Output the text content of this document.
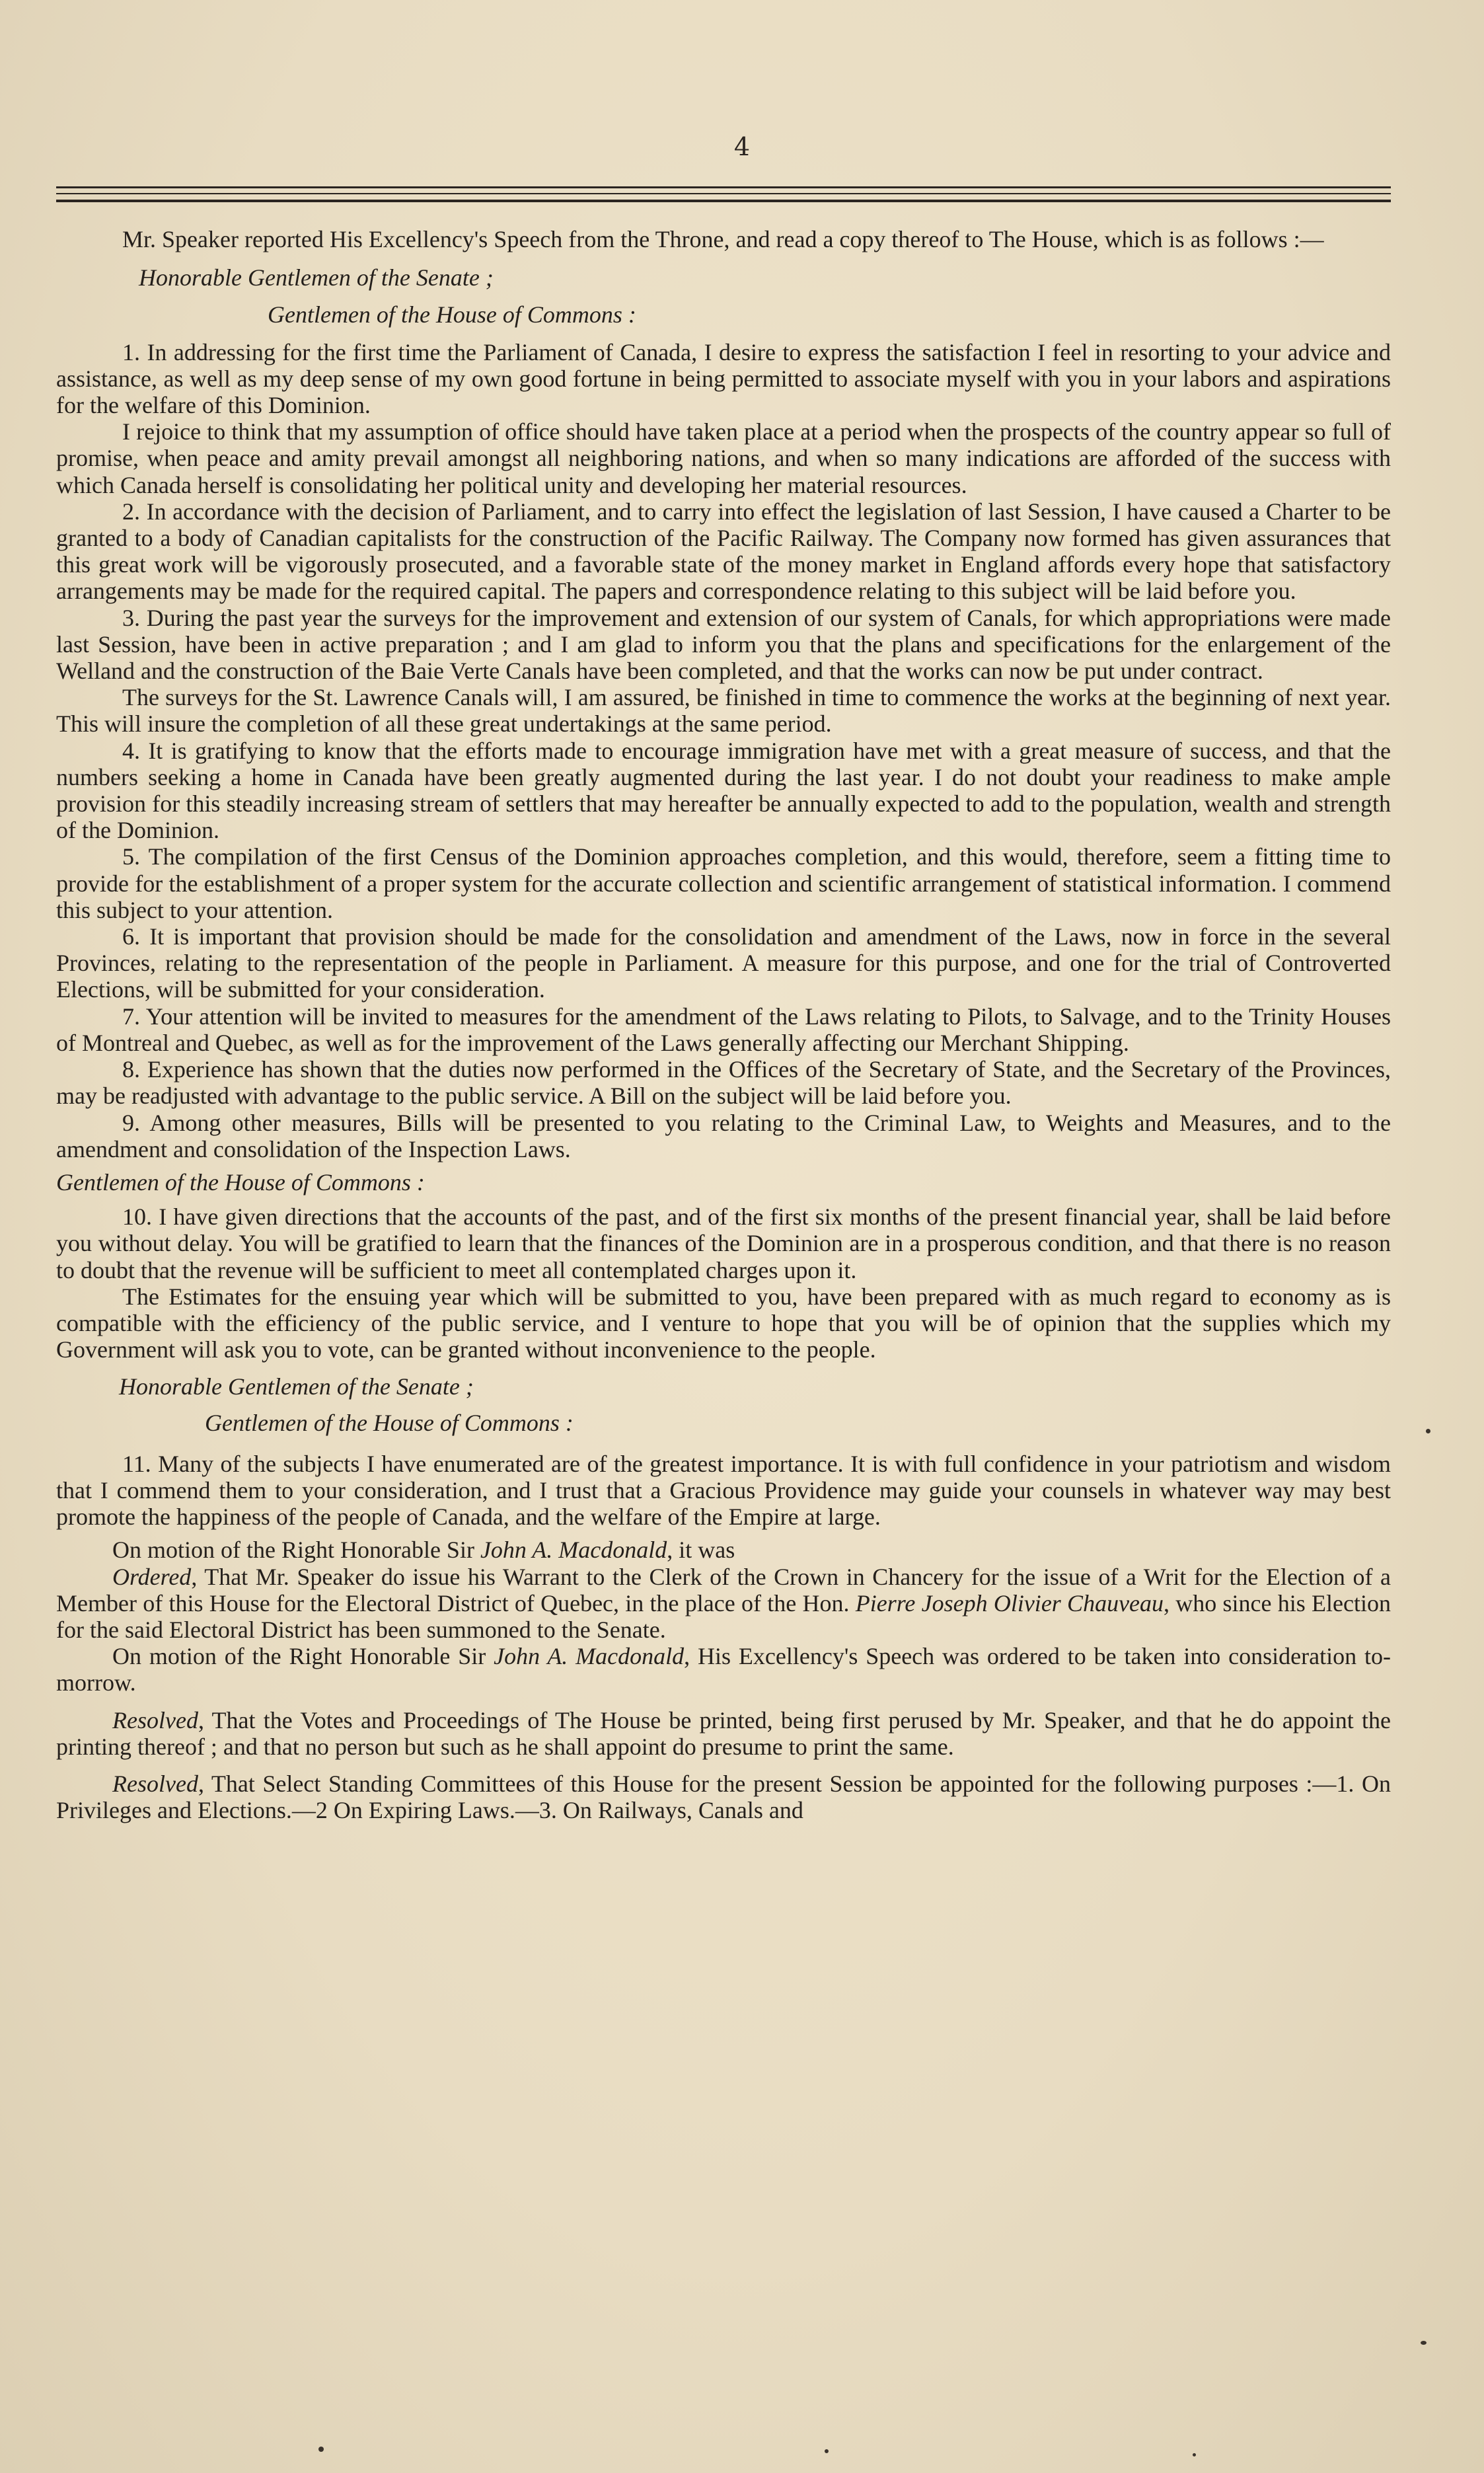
4

Mr. Speaker reported His Excellency's Speech from the Throne, and read a copy thereof to The House, which is as follows :—

Honorable Gentlemen of the Senate ;

Gentlemen of the House of Commons :

1. In addressing for the first time the Parliament of Canada, I desire to express the satisfaction I feel in resorting to your advice and assistance, as well as my deep sense of my own good fortune in being permitted to associate myself with you in your labors and aspirations for the welfare of this Dominion.

I rejoice to think that my assumption of office should have taken place at a period when the prospects of the country appear so full of promise, when peace and amity prevail amongst all neighboring nations, and when so many indications are afforded of the success with which Canada herself is consolidating her political unity and developing her material resources.

2. In accordance with the decision of Parliament, and to carry into effect the legislation of last Session, I have caused a Charter to be granted to a body of Canadian capitalists for the construction of the Pacific Railway. The Company now formed has given assurances that this great work will be vigorously prosecuted, and a favorable state of the money market in England affords every hope that satisfactory arrangements may be made for the required capital. The papers and correspondence relating to this subject will be laid before you.

3. During the past year the surveys for the improvement and extension of our system of Canals, for which appropriations were made last Session, have been in active preparation ; and I am glad to inform you that the plans and specifications for the enlargement of the Welland and the construction of the Baie Verte Canals have been completed, and that the works can now be put under contract.

The surveys for the St. Lawrence Canals will, I am assured, be finished in time to commence the works at the beginning of next year. This will insure the completion of all these great undertakings at the same period.

4. It is gratifying to know that the efforts made to encourage immigration have met with a great measure of success, and that the numbers seeking a home in Canada have been greatly augmented during the last year. I do not doubt your readiness to make ample provision for this steadily increasing stream of settlers that may hereafter be annually expected to add to the population, wealth and strength of the Dominion.

5. The compilation of the first Census of the Dominion approaches completion, and this would, therefore, seem a fitting time to provide for the establishment of a proper system for the accurate collection and scientific arrangement of statistical information. I commend this subject to your attention.

6. It is important that provision should be made for the consolidation and amendment of the Laws, now in force in the several Provinces, relating to the representation of the people in Parliament. A measure for this purpose, and one for the trial of Controverted Elections, will be submitted for your consideration.

7. Your attention will be invited to measures for the amendment of the Laws relating to Pilots, to Salvage, and to the Trinity Houses of Montreal and Quebec, as well as for the improvement of the Laws generally affecting our Merchant Shipping.

8. Experience has shown that the duties now performed in the Offices of the Secretary of State, and the Secretary of the Provinces, may be readjusted with advantage to the public service. A Bill on the subject will be laid before you.

9. Among other measures, Bills will be presented to you relating to the Criminal Law, to Weights and Measures, and to the amendment and consolidation of the Inspection Laws.

Gentlemen of the House of Commons :

10. I have given directions that the accounts of the past, and of the first six months of the present financial year, shall be laid before you without delay. You will be gratified to learn that the finances of the Dominion are in a prosperous condition, and that there is no reason to doubt that the revenue will be sufficient to meet all contemplated charges upon it.

The Estimates for the ensuing year which will be submitted to you, have been prepared with as much regard to economy as is compatible with the efficiency of the public service, and I venture to hope that you will be of opinion that the supplies which my Government will ask you to vote, can be granted without inconvenience to the people.

Honorable Gentlemen of the Senate ;

Gentlemen of the House of Commons :

11. Many of the subjects I have enumerated are of the greatest importance. It is with full confidence in your patriotism and wisdom that I commend them to your consideration, and I trust that a Gracious Providence may guide your counsels in whatever way may best promote the happiness of the people of Canada, and the welfare of the Empire at large.

On motion of the Right Honorable Sir John A. Macdonald, it was

Ordered, That Mr. Speaker do issue his Warrant to the Clerk of the Crown in Chancery for the issue of a Writ for the Election of a Member of this House for the Electoral District of Quebec, in the place of the Hon. Pierre Joseph Olivier Chauveau, who since his Election for the said Electoral District has been summoned to the Senate.

On motion of the Right Honorable Sir John A. Macdonald, His Excellency's Speech was ordered to be taken into consideration to-morrow.

Resolved, That the Votes and Proceedings of The House be printed, being first perused by Mr. Speaker, and that he do appoint the printing thereof ; and that no person but such as he shall appoint do presume to print the same.

Resolved, That Select Standing Committees of this House for the present Session be appointed for the following purposes :—1. On Privileges and Elections.—2 On Expiring Laws.—3. On Railways, Canals and
